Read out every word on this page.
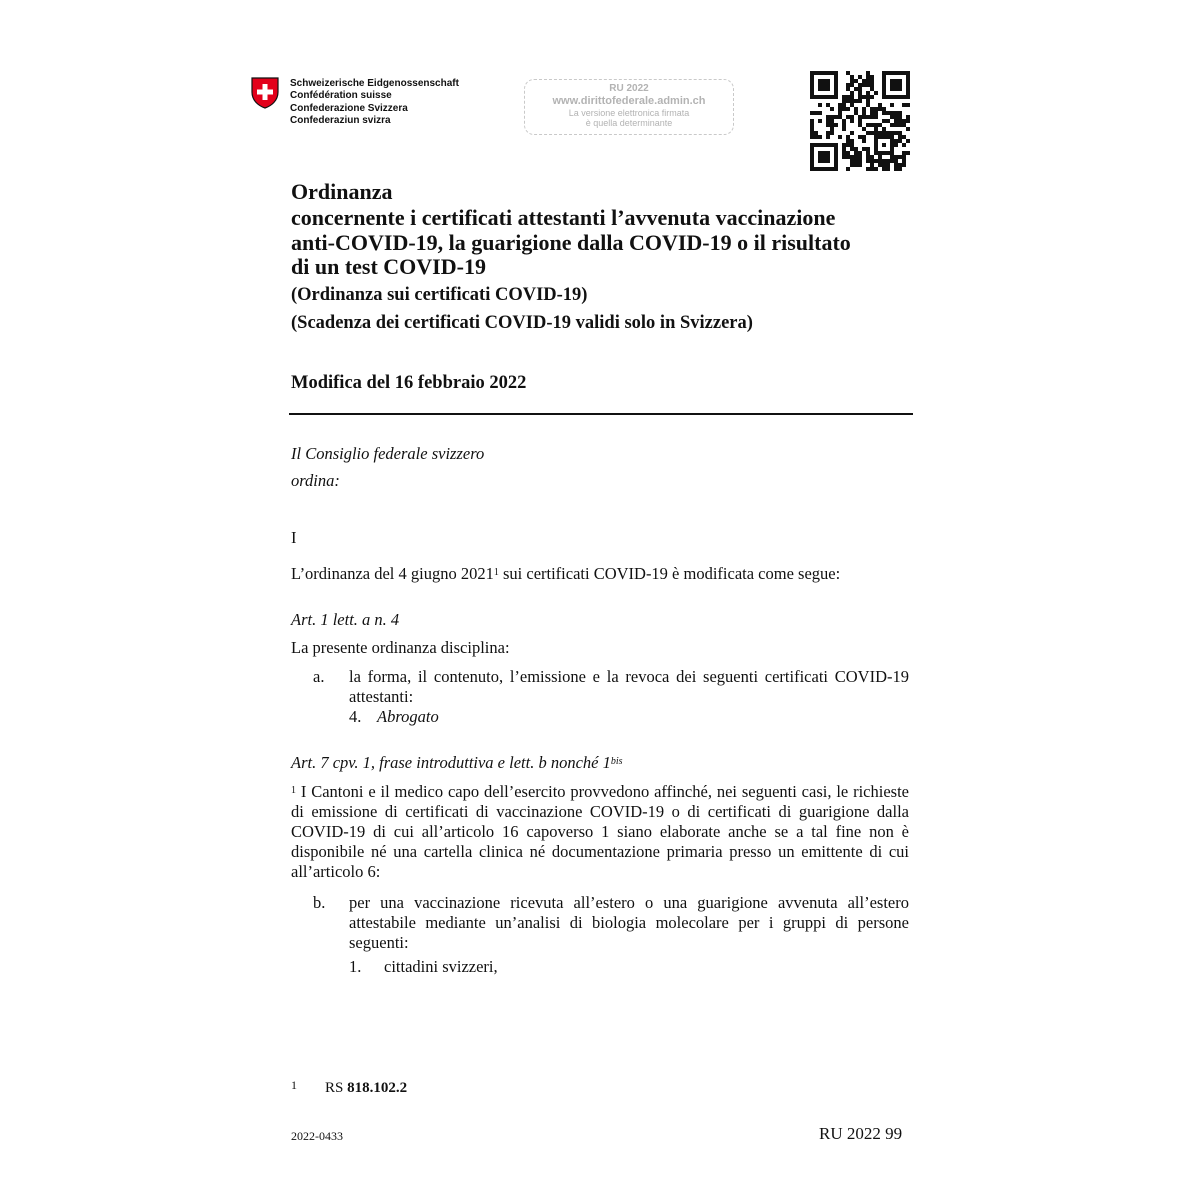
Schweizerische Eidgenossenschaft
Confédération suisse
Confederazione Svizzera
Confederaziun svizra
RU 2022
www.dirittofederale.admin.ch
La versione elettronica firmata
è quella determinante
Ordinanza
concernente i certificati attestanti l’avvenuta vaccinazione
anti-COVID-19, la guarigione dalla COVID-19 o il risultato
di un test COVID-19
(Ordinanza sui certificati COVID-19)
(Scadenza dei certificati COVID-19 validi solo in Svizzera)
Modifica del 16 febbraio 2022
Il Consiglio federale svizzero
ordina:
I
L’ordinanza del 4 giugno 2021$^1$ sui certificati COVID-19 è modificata come segue:
Art. 1 lett. a n. 4
La presente ordinanza disciplina:
a. la forma, il contenuto, l’emissione e la revoca dei seguenti certificati COVID-19 attestanti:
4. Abrogato
Art. 7 cpv. 1, frase introduttiva e lett. b nonché $1^{bis}$
$^1$ I Cantoni e il medico capo dell’esercito provvedono affinché, nei seguenti casi, le richieste di emissione di certificati di vaccinazione COVID-19 o di certificati di guarigione dalla COVID-19 di cui all’articolo 16 capoverso 1 siano elaborate anche se a tal fine non è disponibile né una cartella clinica né documentazione primaria presso un emittente di cui all’articolo 6:
b. per una vaccinazione ricevuta all’estero o una guarigione avvenuta all’estero attestabile mediante un’analisi di biologia molecolare per i gruppi di persone seguenti:
1. cittadini svizzeri,
1 RS 818.102.2
2022-0433	RU 2022 99
